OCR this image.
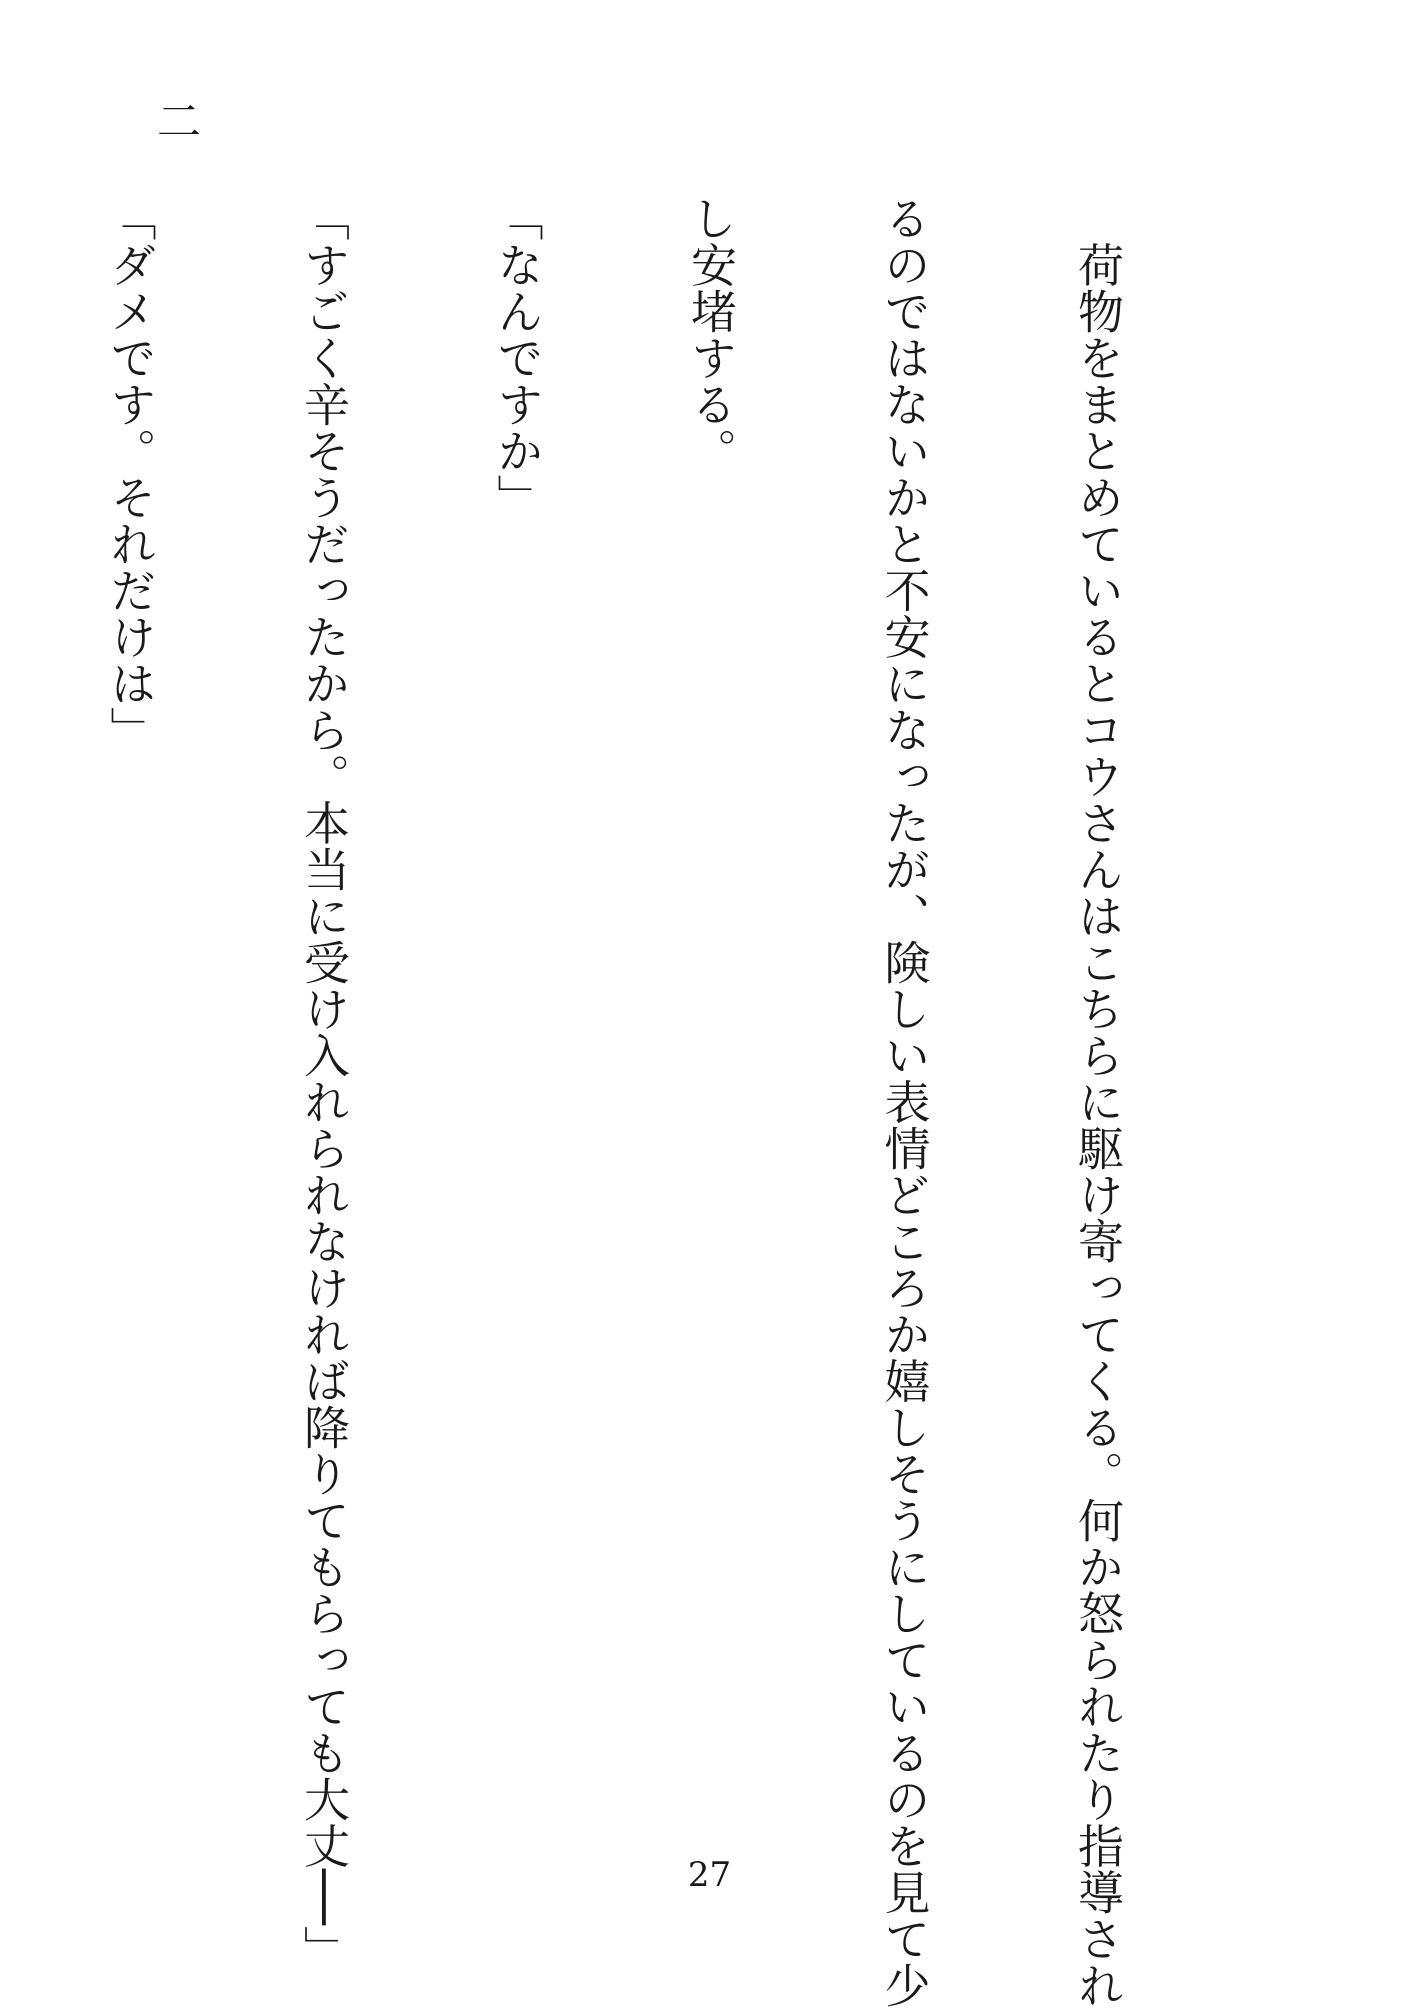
二

　荷物をまとめているとコウさんはこちらに駆け寄ってくる。何か怒られたり指導され

るのではないかと不安になったが、険しい表情どころか嬉しそうにしているのを見て少

し安堵する。

「なんですか」

「すごく辛そうだったから。本当に受け入れられなければ降りてもらっても大丈──」

「ダメです。それだけは」

27
